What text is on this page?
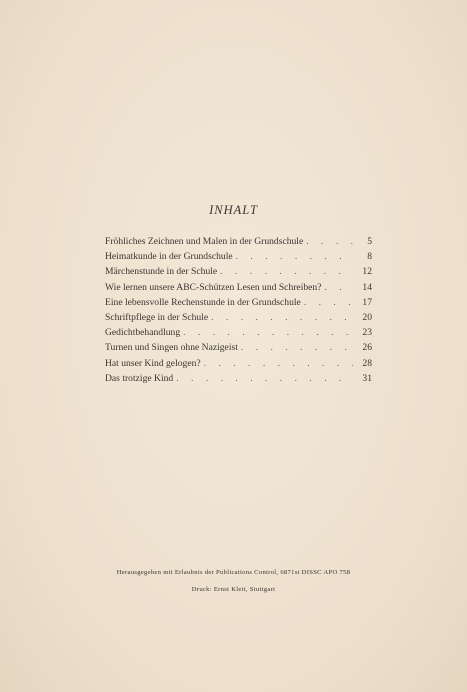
INHALT
Fröhliches Zeichnen und Malen in der Grundschule . . .	5
Heimatkunde in der Grundschule . . .	8
Märchenstunde in der Schule . . .	12
Wie lernen unsere ABC-Schützen Lesen und Schreiben? . . .	14
Eine lebensvolle Rechenstunde in der Grundschule . . .	17
Schriftpflege in der Schule . . .	20
Gedichtbehandlung . . .	23
Turnen und Singen ohne Nazigeist . . .	26
Hat unser Kind gelogen? . . .	28
Das trotzige Kind . . .	31
Herausgegeben mit Erlaubnis der Publications Control, 6871st DISSC APO 758
Druck: Ernst Klett, Stuttgart
